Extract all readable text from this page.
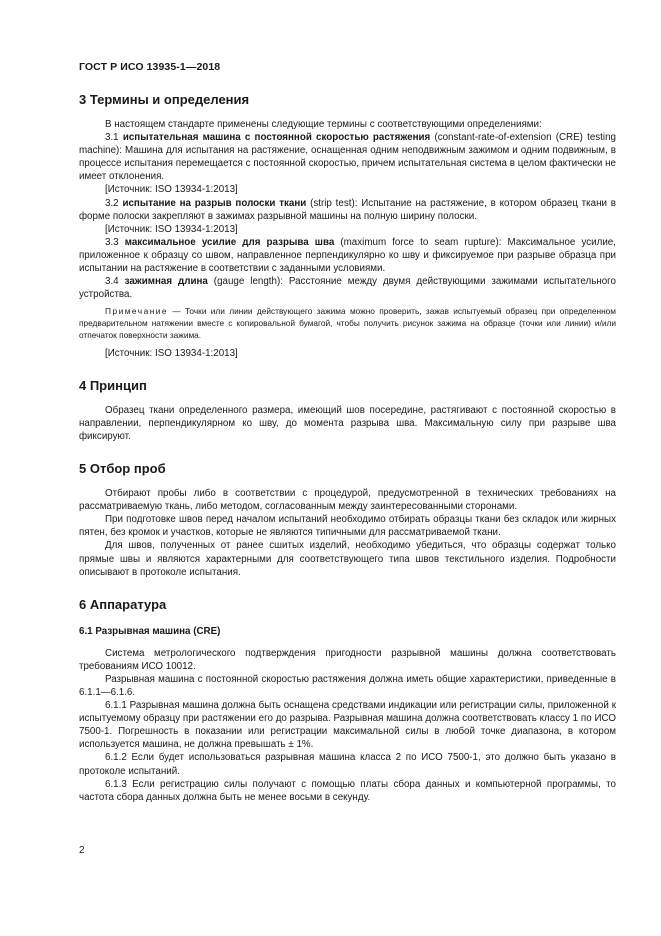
ГОСТ Р ИСО 13935-1—2018
3 Термины и определения

В настоящем стандарте применены следующие термины с соответствующими определениями:

3.1 испытательная машина с постоянной скоростью растяжения (constant-rate-of-extension (CRE) testing machine): Машина для испытания на растяжение, оснащенная одним неподвижным зажимом и одним подвижным, в процессе испытания перемещается с постоянной скоростью, причем испытательная система в целом фактически не имеет отклонения.

[Источник: ISO 13934-1:2013]

3.2 испытание на разрыв полоски ткани (strip test): Испытание на растяжение, в котором образец ткани в форме полоски закрепляют в зажимах разрывной машины на полную ширину полоски.

[Источник: ISO 13934-1:2013]

3.3 максимальное усилие для разрыва шва (maximum force to seam rupture): Максимальное усилие, приложенное к образцу со швом, направленное перпендикулярно ко шву и фиксируемое при разрыве образца при испытании на растяжение в соответствии с заданными условиями.

3.4 зажимная длина (gauge length): Расстояние между двумя действующими зажимами испытательного устройства.

Примечание — Точки или линии действующего зажима можно проверить, зажав испытуемый образец при определенном предварительном натяжении вместе с копировальной бумагой, чтобы получить рисунок зажима на образце (точки или линии) и/или отпечаток поверхности зажима.

[Источник: ISO 13934-1:2013]

4 Принцип

Образец ткани определенного размера, имеющий шов посередине, растягивают с постоянной скоростью в направлении, перпендикулярном ко шву, до момента разрыва шва. Максимальную силу при разрыве шва фиксируют.

5 Отбор проб

Отбирают пробы либо в соответствии с процедурой, предусмотренной в технических требованиях на рассматриваемую ткань, либо методом, согласованным между заинтересованными сторонами.

При подготовке швов перед началом испытаний необходимо отбирать образцы ткани без складок или жирных пятен, без кромок и участков, которые не являются типичными для рассматриваемой ткани.

Для швов, полученных от ранее сшитых изделий, необходимо убедиться, что образцы содержат только прямые швы и являются характерными для соответствующего типа швов текстильного изделия. Подробности описывают в протоколе испытания.

6 Аппаратура
6.1 Разрывная машина (CRE)

Система метрологического подтверждения пригодности разрывной машины должна соответствовать требованиям ИСО 10012.

Разрывная машина с постоянной скоростью растяжения должна иметь общие характеристики, приведенные в 6.1.1—6.1.6.

6.1.1 Разрывная машина должна быть оснащена средствами индикации или регистрации силы, приложенной к испытуемому образцу при растяжении его до разрыва. Разрывная машина должна соответствовать классу 1 по ИСО 7500-1. Погрешность в показании или регистрации максимальной силы в любой точке диапазона, в котором используется машина, не должна превышать ± 1%.

6.1.2 Если будет использоваться разрывная машина класса 2 по ИСО 7500-1, это должно быть указано в протоколе испытаний.

6.1.3 Если регистрацию силы получают с помощью платы сбора данных и компьютерной программы, то частота сбора данных должна быть не менее восьми в секунду.

2
